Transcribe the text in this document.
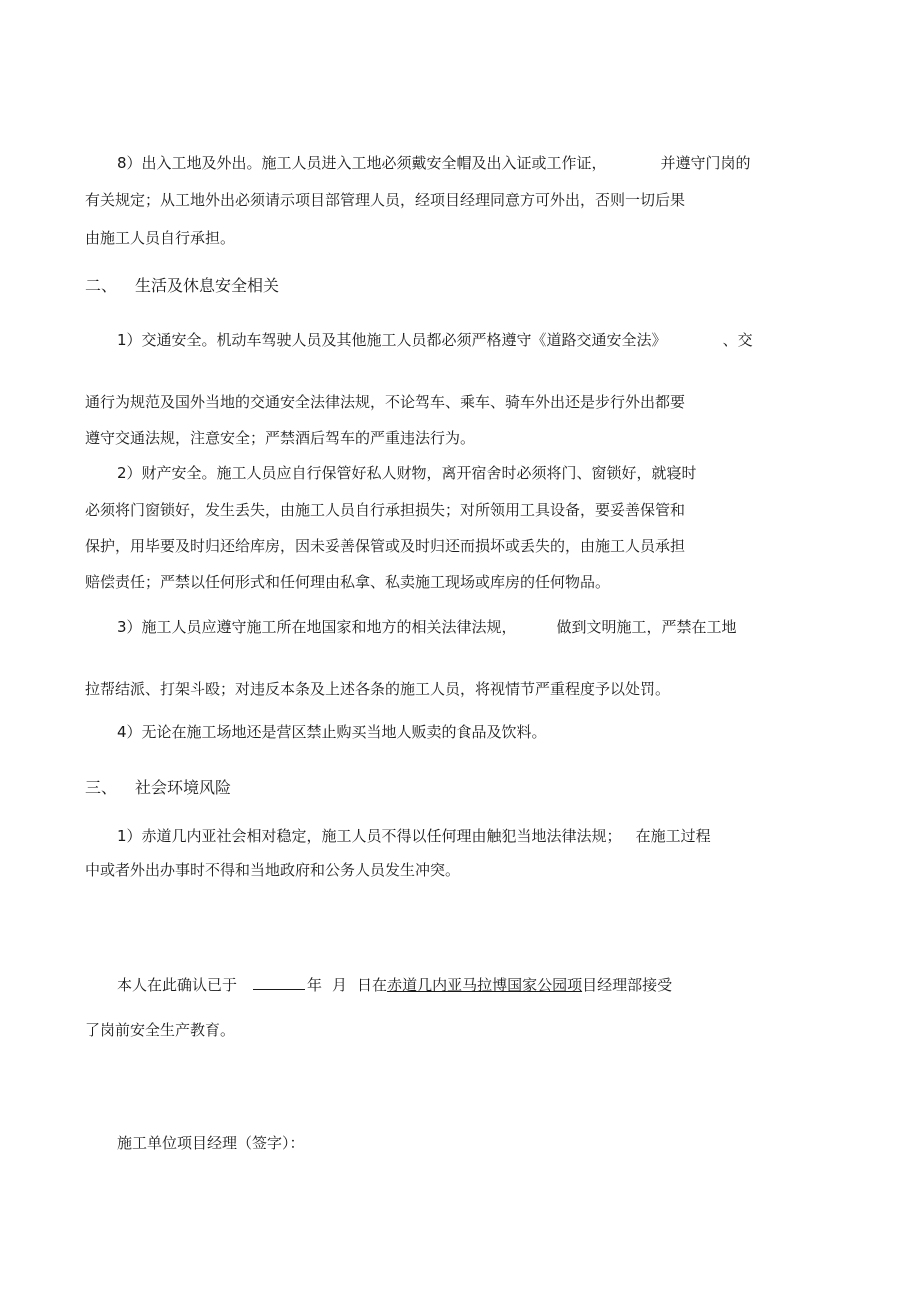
8）出入工地及外出。施工人员进入工地必须戴安全帽及出入证或工作证，	并遵守门岗的
有关规定；从工地外出必须请示项目部管理人员，经项目经理同意方可外出，否则一切后果
由施工人员自行承担。
二、 生活及休息安全相关
1）交通安全。机动车驾驶人员及其他施工人员都必须严格遵守《道路交通安全法》	、交
通行为规范及国外当地的交通安全法律法规，不论驾车、乘车、骑车外出还是步行外出都要
遵守交通法规，注意安全；严禁酒后驾车的严重违法行为。
2）财产安全。施工人员应自行保管好私人财物，离开宿舍时必须将门、窗锁好，就寝时
必须将门窗锁好，发生丢失，由施工人员自行承担损失；对所领用工具设备，要妥善保管和
保护，用毕要及时归还给库房，因未妥善保管或及时归还而损坏或丢失的，由施工人员承担
赔偿责任；严禁以任何形式和任何理由私拿、私卖施工现场或库房的任何物品。
3）施工人员应遵守施工所在地国家和地方的相关法律法规，	做到文明施工，严禁在工地
拉帮结派、打架斗殴；对违反本条及上述各条的施工人员，将视情节严重程度予以处罚。
4）无论在施工场地还是营区禁止购买当地人贩卖的食品及饮料。
三、 社会环境风险
1）赤道几内亚社会相对稳定，施工人员不得以任何理由触犯当地法律法规； 在施工过程
中或者外出办事时不得和当地政府和公务人员发生冲突。
本人在此确认已于	年 月 日在赤道几内亚马拉博国家公园项目经理部接受
了岗前安全生产教育。
施工单位项目经理（签字）：
